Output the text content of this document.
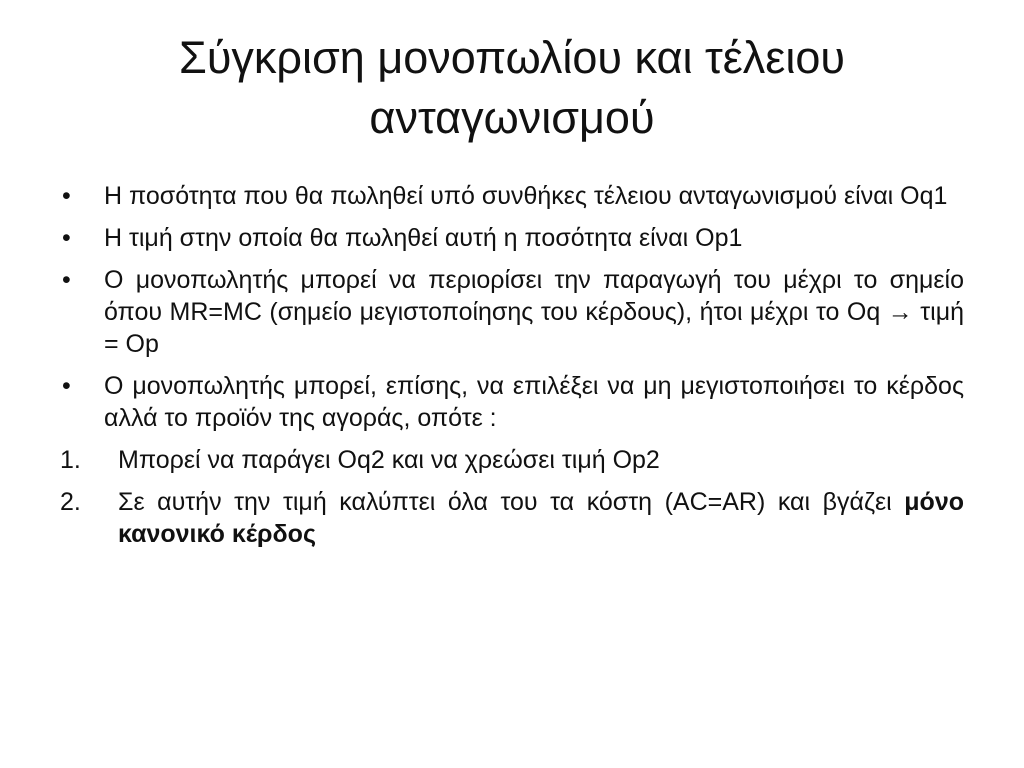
Σύγκριση μονοπωλίου και τέλειου ανταγωνισμού
•	Η ποσότητα που θα πωληθεί υπό συνθήκες τέλειου ανταγωνισμού είναι Oq1
•	Η τιμή στην οποία θα πωληθεί αυτή η ποσότητα είναι Op1
•	Ο μονοπωλητής μπορεί να περιορίσει την παραγωγή του μέχρι το σημείο όπου MR=MC (σημείο μεγιστοποίησης του κέρδους), ήτοι μέχρι το Oq → τιμή = Op
•	Ο μονοπωλητής μπορεί, επίσης, να επιλέξει να μη μεγιστοποιήσει το κέρδος αλλά το προϊόν της αγοράς, οπότε :
1.	Μπορεί να παράγει Oq2 και να χρεώσει τιμή Op2
2.	Σε αυτήν την τιμή καλύπτει όλα του τα κόστη (AC=AR) και βγάζει μόνο κανονικό κέρδος
